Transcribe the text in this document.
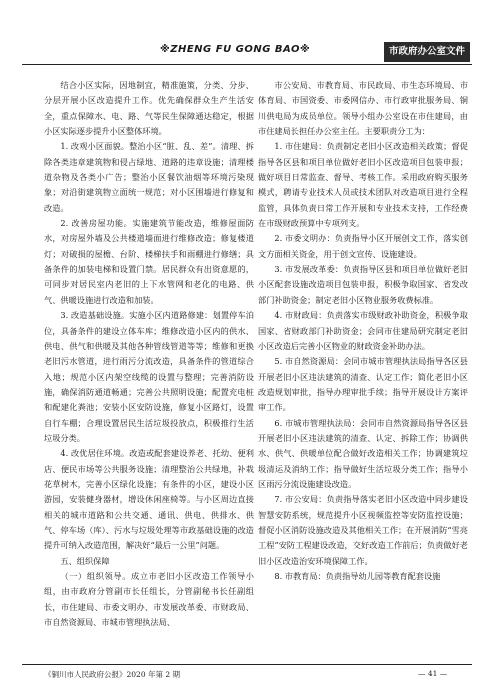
※ZHENG FU GONG BAO※	市政府办公室文件

结合小区实际，因地制宜，精准施策，分类、分步、分层开展小区改造提升工作。优先确保群众生产生活安全，重点保障水、电、路、气等民生保障通达稳定，根据小区实际逐步提升小区整体环境。

1. 改观小区面貌。整治小区“脏、乱、差”。清理、拆除各类违章建筑物和侵占绿地、道路的违章设施；清理楼道杂物及各类小广告；整治小区餐饮油烟等环境污染现象；对沿街建筑物立面统一规范；对小区围墙进行修复和改造。

2. 改善房屋功能。实施建筑节能改造，维修屋面防水，对房屋外墙及公共楼道墙面进行维修改造；修复楼道灯；对破损的屋檐、台阶、楼梯扶手和雨棚进行修缮；具备条件的加装电梯和设置门禁。居民群众有出资意愿的，可同步对居民室内老旧的上下水管网和老化的电路、供气、供暖设施进行改造和加装。

3. 改造基础设施。实施小区内道路修建：划置停车泊位，具备条件的建设立体车库；维修改造小区内的供水、供电、供气和供暖及其他各种管线管道等等；维修和更换老旧污水管道，进行雨污分流改造，具备条件的管道综合入地；规范小区内架空线缆的设置与整理；完善消防设施，确保消防通道畅通；完善公共照明设施；配置充电桩和配建化粪池；安装小区安防设施，修复小区路灯，设置自行车棚；合理设置居民生活垃圾投放点，积极推行生活垃圾分类。

4. 改优居住环境。改造或配套建设养老、托幼、便利店、便民市场等公共服务设施；清理整治公共绿地，补栽花草树木，完善小区绿化设施；有条件的小区，建设小区游园，安装健身器材，增设休闲座椅等。与小区周边直接相关的城市道路和公共交通、通讯、供电、供排水、供气、停车场（库）、污水与垃圾处理等市政基础设施的改造提升可纳入改造范围，解决好“最后一公里”问题。

五、组织保障

（一）组织领导。成立市老旧小区改造工作领导小组，由市政府分管副市长任组长，分管副秘书长任副组长，市住建局、市委文明办、市发展改革委、市财政局、市自然资源局、市城市管理执法局、

市公安局、市教育局、市民政局、市生态环境局、市体育局、市国资委、市委网信办、市行政审批服务局、铜川供电局为成员单位。领导小组办公室设在市住建局，由市住建局长担任办公室主任。主要职责分工为：

1. 市住建局：负责制定老旧小区改造相关政策；督促指导各区县和项目单位做好老旧小区改造项目包装申报；做好项目日常监查、督导、考核工作。采用政府购买服务模式，聘请专业技术人员或技术团队对改造项目进行全程监管，具体负责日常工作开展和专业技术支持，工作经费在市级财政预算中专项列支。

2. 市委文明办：负责指导小区开展创文工作，落实创文方面相关资金，用于创文宣传、设施建设。

3. 市发展改革委：负责指导区县和项目单位做好老旧小区配套设施改造项目包装申报，积极争取国家、省发改部门补助资金；制定老旧小区物业服务收费标准。

4. 市财政局：负责落实市级财政补助资金，积极争取国家、省财政部门补助资金；会同市住建局研究制定老旧小区改造后完善小区物业的财政资金补助办法。

5. 市自然资源局：会同市城市管理执法局指导各区县开展老旧小区违法建筑的清查、认定工作；简化老旧小区改造规划审批，指导办理审批手续；指导开展设计方案评审工作。

6. 市城市管理执法局：会同市自然资源局指导各区县开展老旧小区违法建筑的清查、认定、拆除工作；协调供水、供气、供暖单位配合做好改造相关工作；协调建筑垃圾清运及消纳工作；指导做好生活垃圾分类工作；指导小区雨污分流设施建设改造。

7. 市公安局：负责指导落实老旧小区改造中同步建设智慧安防系统，规范提升小区视频监控等安防监控设施；督促小区消防设施改造及其他相关工作；在开展消防“雪亮工程”安防工程建设改造，交好改造工作前后；负责做好老旧小区改造治安环境保障工作。

8. 市教育局：负责指导幼儿园等教育配套设施

《铜川市人民政府公报》2020 年第 2 期	— 41 —
